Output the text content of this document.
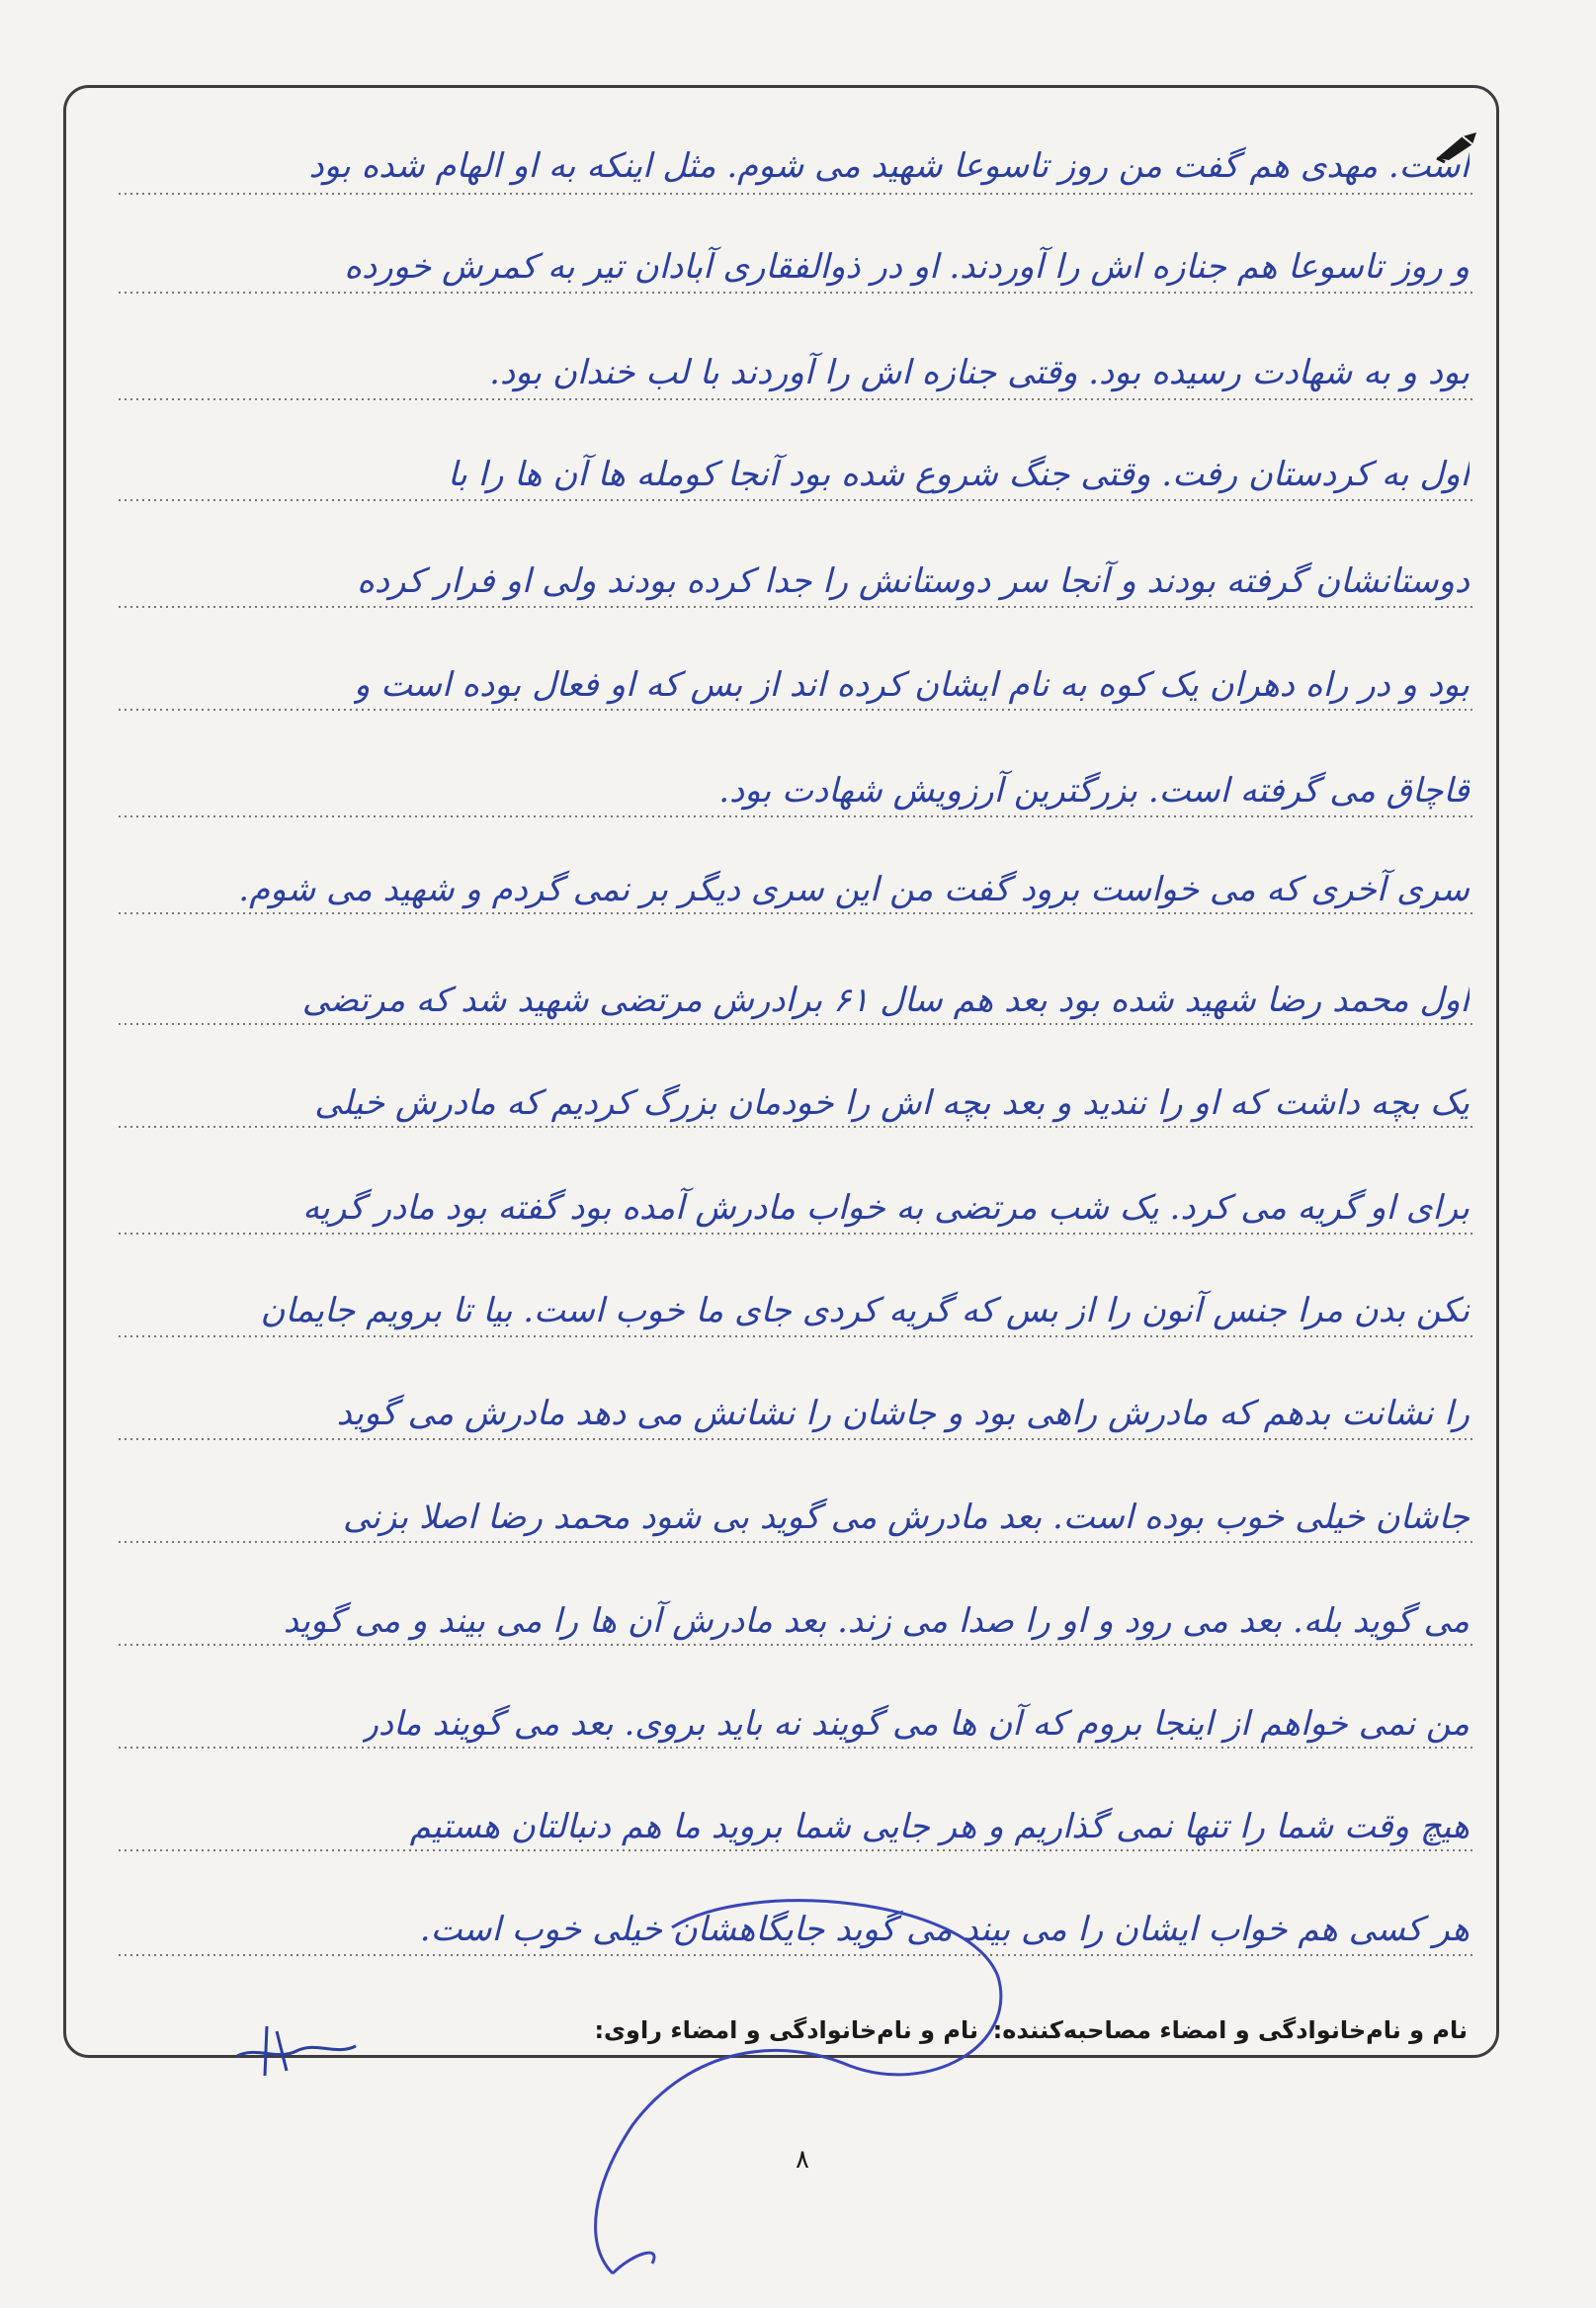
است. مهدی هم گفت من روز تاسوعا شهید می شوم. مثل اینکه به او الهام شده بود
و روز تاسوعا هم جنازه اش را آوردند. او در ذوالفقاری آبادان تیر به کمرش خورده
بود و به شهادت رسیده بود. وقتی جنازه اش را آوردند با لب خندان بود.
اول به کردستان رفت. وقتی جنگ شروع شده بود آنجا کومله ها آن ها را با
دوستانشان گرفته بودند و آنجا سر دوستانش را جدا کرده بودند ولی او فرار کرده
بود و در راه دهران یک کوه به نام ایشان کرده اند از بس که او فعال بوده است و
قاچاق می گرفته است. بزرگترین آرزویش شهادت بود.
سری آخری که می خواست برود گفت من این سری دیگر بر نمی گردم و شهید می شوم.
اول محمد رضا شهید شده بود بعد هم سال ۶۱ برادرش مرتضی شهید شد که مرتضی
یک بچه داشت که او را نندید و بعد بچه اش را خودمان بزرگ کردیم که مادرش خیلی
برای او گریه می کرد. یک شب مرتضی به خواب مادرش آمده بود گفته بود مادر گریه
نکن بدن مرا جنس آنون را از بس که گریه کردی جای ما خوب است. بیا تا برویم جایمان
را نشانت بدهم که مادرش راهی بود و جاشان را نشانش می دهد مادرش می گوید
جاشان خیلی خوب بوده است. بعد مادرش می گوید بی شود محمد رضا اصلا بزنی
می گوید بله. بعد می رود و او را صدا می زند. بعد مادرش آن ها را می بیند و می گوید
من نمی خواهم از اینجا بروم که آن ها می گویند نه باید بروی. بعد می گویند مادر
هیچ وقت شما را تنها نمی گذاریم و هر جایی شما بروید ما هم دنبالتان هستیم
هر کسی هم خواب ایشان را می بیند می گوید جایگاهشان خیلی خوب است.
نام و نام‌خانوادگی و امضاء مصاحبه‌کننده:
نام و نام‌خانوادگی و امضاء راوی:
۸
